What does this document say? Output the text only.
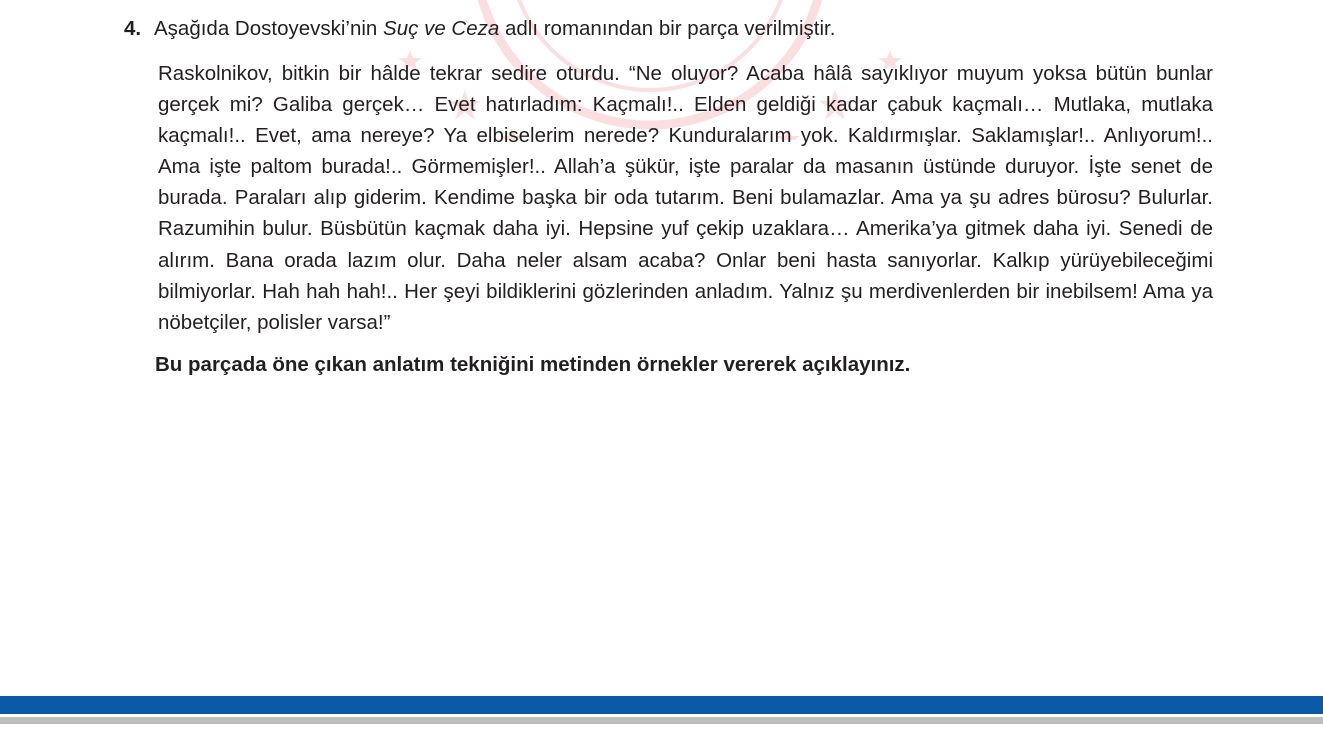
4. Aşağıda Dostoyevski’nin Suç ve Ceza adlı romanından bir parça verilmiştir.
Raskolnikov, bitkin bir hâlde tekrar sedire oturdu. “Ne oluyor? Acaba hâlâ sayıklıyor muyum yoksa bütün bunlar gerçek mi? Galiba gerçek… Evet hatırladım: Kaçmalı!.. Elden geldiği kadar çabuk kaçmalı… Mutlaka, mutlaka kaçmalı!.. Evet, ama nereye? Ya elbiselerim nerede? Kunduralarım yok. Kaldırmışlar. Saklamışlar!.. Anlıyorum!.. Ama işte paltom burada!.. Görmemişler!.. Allah’a şükür, işte paralar da masanın üstünde duruyor. İşte senet de burada. Paraları alıp giderim. Kendime başka bir oda tutarım. Beni bulamazlar. Ama ya şu adres bürosu? Bulurlar. Razumihin bulur. Büsbütün kaçmak daha iyi. Hepsine yuf çekip uzaklara… Amerika’ya gitmek daha iyi. Senedi de alırım. Bana orada lazım olur. Daha neler alsam acaba? Onlar beni hasta sanıyorlar. Kalkıp yürüyebileceğimi bilmiyorlar. Hah hah hah!.. Her şeyi bildiklerini gözlerinden anladım. Yalnız şu merdivenlerden bir inebilsem! Ama ya nöbetçiler, polisler varsa!”
Bu parçada öne çıkan anlatım tekniğini metinden örnekler vererek açıklayınız.
